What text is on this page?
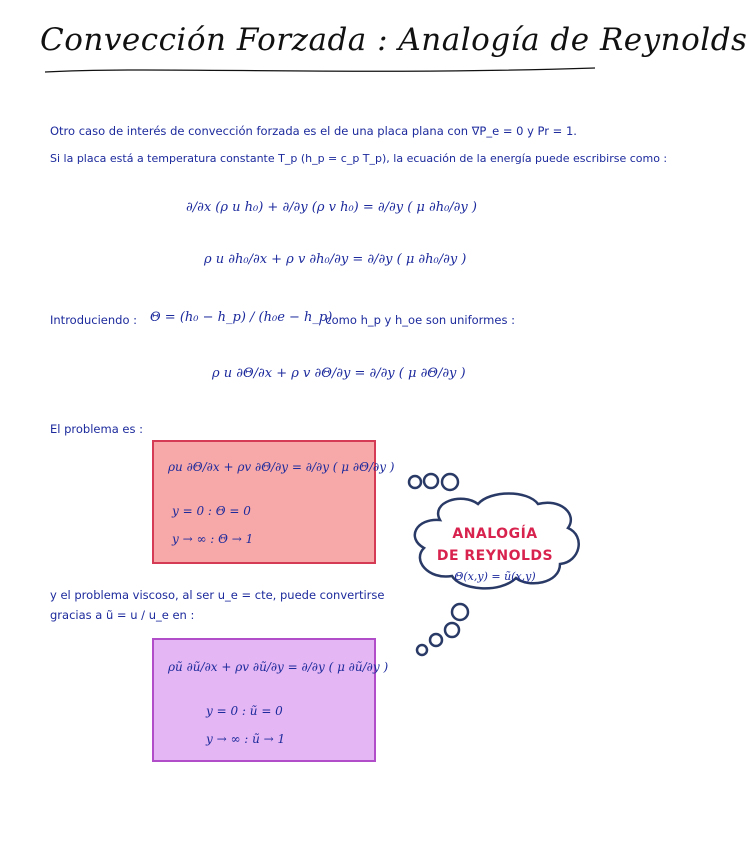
Convección Forzada : Analogía de Reynolds
Otro caso de interés de convección forzada es el de una placa plana con ∇P_e = 0 y Pr = 1.
Si la placa está a temperatura constante T_p (h_p = c_p T_p), la ecuación de la energía puede escribirse como :
∂/∂x (ρ u h₀) + ∂/∂y (ρ v h₀) = ∂/∂y ( μ ∂h₀/∂y )
ρ u ∂h₀/∂x + ρ v ∂h₀/∂y = ∂/∂y ( μ ∂h₀/∂y )
Introduciendo : Θ = (h₀ − h_p) / (h₀e − h_p)
, como h_p y h_oe son uniformes :
ρ u ∂Θ/∂x + ρ v ∂Θ/∂y = ∂/∂y ( μ ∂Θ/∂y )
El problema es :
ρu ∂Θ/∂x + ρv ∂Θ/∂y = ∂/∂y ( μ ∂Θ/∂y )
y = 0 : Θ = 0
y → ∞ : Θ → 1
y el problema viscoso, al ser u_e = cte, puede convertirse
gracias a ũ = u / u_e en :
ρũ ∂ũ/∂x + ρv ∂ũ/∂y = ∂/∂y ( μ ∂ũ/∂y )
y = 0 : ũ = 0
y → ∞ : ũ → 1
ANALOGÍA
DE REYNOLDS
Θ(x,y) = ũ(x,y)
